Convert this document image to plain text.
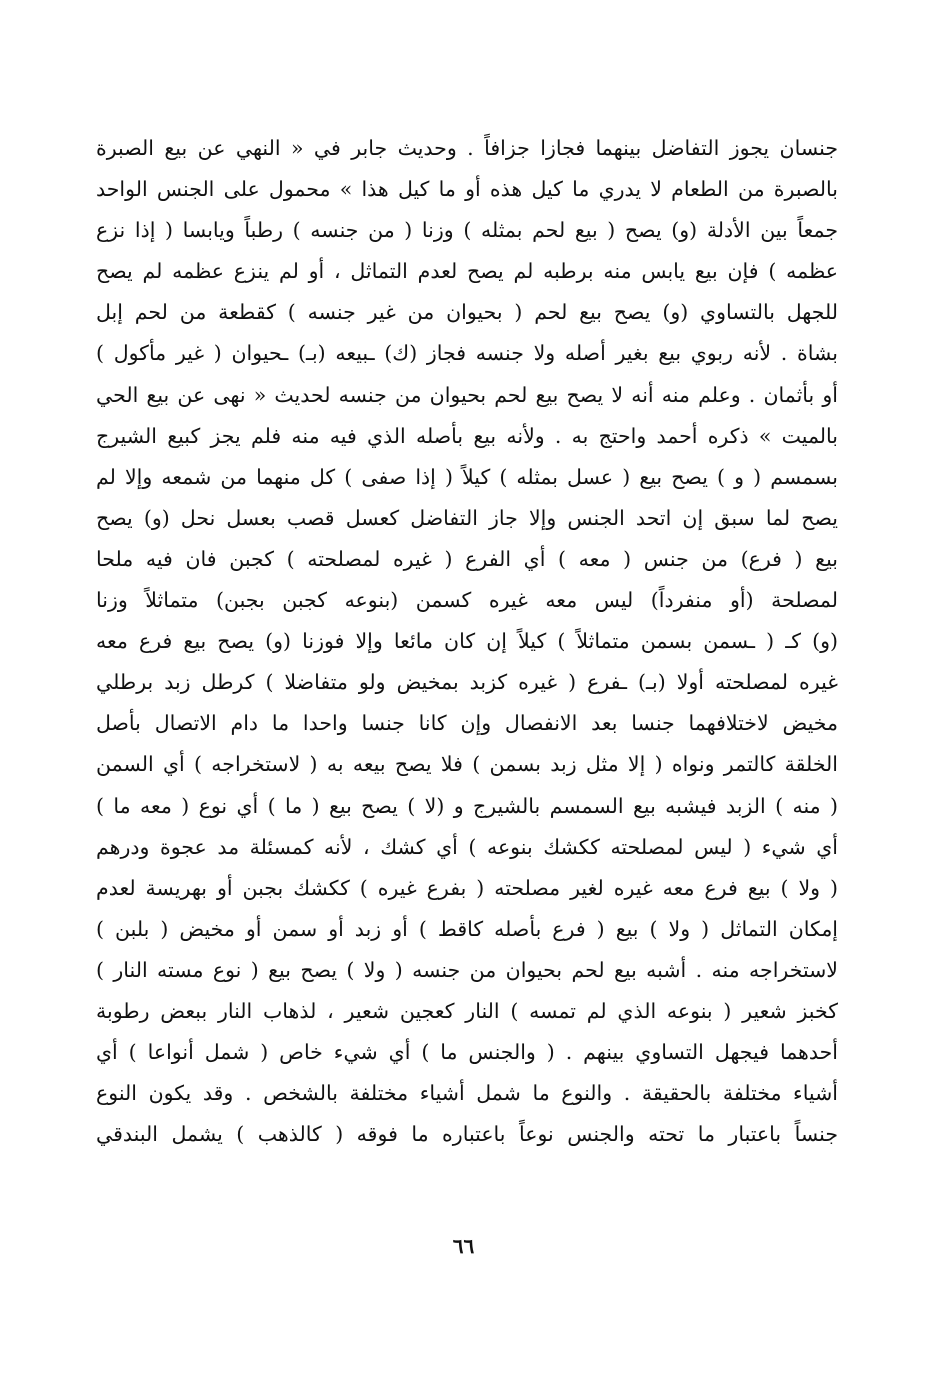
جنسان يجوز التفاضل بينهما فجازا جزافاً . وحديث جابر في « النهي عن بيع الصبرة
بالصبرة من الطعام لا يدري ما كيل هذه أو ما كيل هذا » محمول على الجنس الواحد
جمعاً بين الأدلة (و) يصح ( بيع لحم بمثله ) وزنا ( من جنسه ) رطباً ويابسا ( إذا نزع
عظمه ) فإن بيع يابس منه برطبه لم يصح لعدم التماثل ، أو لم ينزع عظمه لم يصح
للجهل بالتساوي (و) يصح بيع لحم ( بحيوان من غير جنسه ) كقطعة من لحم إبل
بشاة . لأنه ربوي بيع بغير أصله ولا جنسه فجاز (ك) ـبيعه (بـ) ـحيوان ( غير مأكول )
أو بأثمان . وعلم منه أنه لا يصح بيع لحم بحيوان من جنسه لحديث « نهى عن بيع الحي
بالميت » ذكره أحمد واحتج به . ولأنه بيع بأصله الذي فيه منه فلم يجز كبيع الشيرج
بسمسم ( و ) يصح بيع ( عسل بمثله ) كيلاً ( إذا صفى ) كل منهما من شمعه وإلا لم
يصح لما سبق إن اتحد الجنس وإلا جاز التفاضل كعسل قصب بعسل نحل (و) يصح
بيع ( فرع) من جنس ( معه ) أي الفرع ( غيره لمصلحته ) كجبن فان فيه ملحا
لمصلحة (أو منفرداً) ليس معه غيره كسمن (بنوعه كجبن بجبن) متماثلاً وزنا
(و) كـ ( ـسمن بسمن متماثلاً ) كيلاً إن كان مائعا وإلا فوزنا (و) يصح بيع فرع معه
غيره لمصلحته أولا (بـ) ـفرع ( غيره كزبد بمخيض ولو متفاضلا ) كرطل زبد برطلي
مخيض لاختلافهما جنسا بعد الانفصال وإن كانا جنسا واحدا ما دام الاتصال بأصل
الخلقة كالتمر ونواه ( إلا مثل زبد بسمن ) فلا يصح بيعه به ( لاستخراجه ) أي السمن
( منه ) الزبد فيشبه بيع السمسم بالشيرج و (لا ) يصح بيع ( ما ) أي نوع ( معه ما )
أي شيء ( ليس لمصلحته ككشك بنوعه ) أي كشك ، لأنه كمسئلة مد عجوة ودرهم
( ولا ) بيع فرع معه غيره لغير مصلحته ( بفرع غيره ) ككشك بجبن أو بهريسة لعدم
إمكان التماثل ( ولا ) بيع ( فرع بأصله كاقط ) أو زبد أو سمن أو مخيض ( بلبن )
لاستخراجه منه . أشبه بيع لحم بحيوان من جنسه ( ولا ) يصح بيع ( نوع مسته النار )
كخبز شعير ( بنوعه الذي لم تمسه ) النار كعجين شعير ، لذهاب النار ببعض رطوبة
أحدهما فيجهل التساوي بينهم . ( والجنس ما ) أي شيء خاص ( شمل أنواعا ) أي
أشياء مختلفة بالحقيقة . والنوع ما شمل أشياء مختلفة بالشخص . وقد يكون النوع
جنساً باعتبار ما تحته والجنس نوعاً باعتباره ما فوقه ( كالذهب ) يشمل البندقي
٦٦
